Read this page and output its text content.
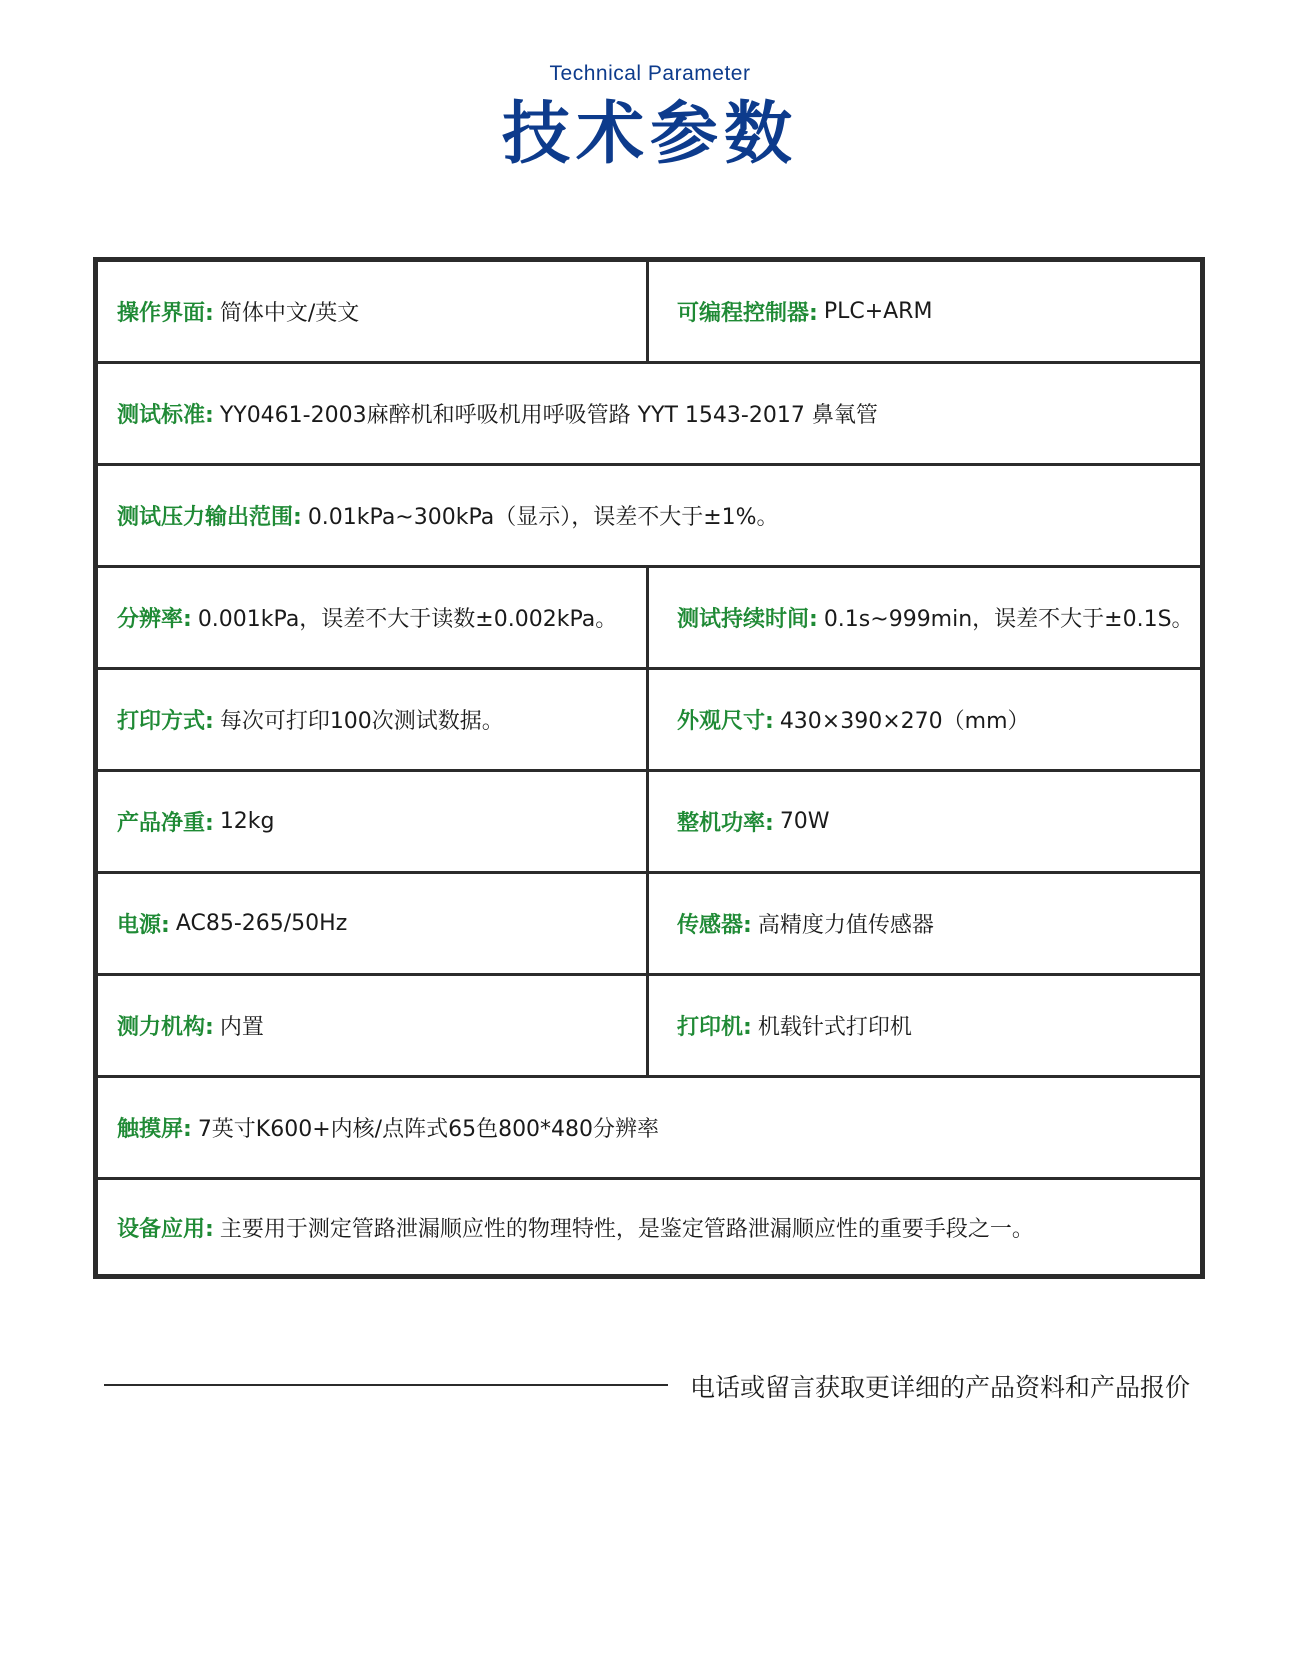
Technical Parameter
技术参数
操作界面: 简体中文/英文	可编程控制器: PLC+ARM
测试标准: YY0461-2003麻醉机和呼吸机用呼吸管路 YYT 1543-2017 鼻氧管
测试压力输出范围: 0.01kPa~300kPa（显示），误差不大于±1%。
分辨率: 0.001kPa，误差不大于读数±0.002kPa。	测试持续时间: 0.1s~999min，误差不大于±0.1S。
打印方式: 每次可打印100次测试数据。	外观尺寸: 430×390×270（mm）
产品净重: 12kg	整机功率: 70W
电源: AC85-265/50Hz	传感器: 高精度力值传感器
测力机构: 内置	打印机: 机载针式打印机
触摸屏: 7英寸K600+内核/点阵式65色800*480分辨率
设备应用: 主要用于测定管路泄漏顺应性的物理特性，是鉴定管路泄漏顺应性的重要手段之一。
电话或留言获取更详细的产品资料和产品报价
